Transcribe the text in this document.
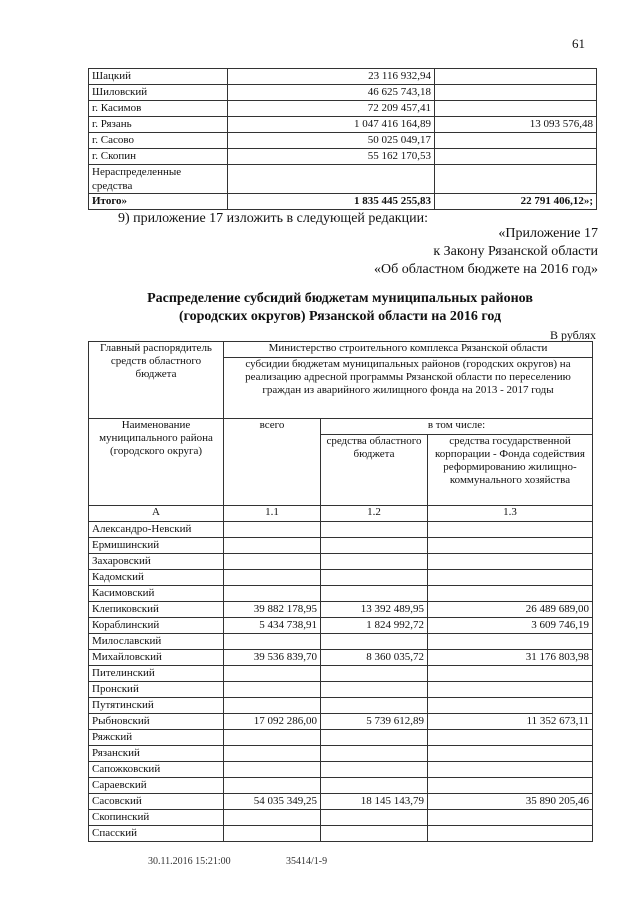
61
Шацкий	23 116 932,94	
Шиловский	46 625 743,18	
г. Касимов	72 209 457,41	
г. Рязань	1 047 416 164,89	13 093 576,48
г. Сасово	50 025 049,17	
г. Скопин	55 162 170,53	
Нераспределенные средства		
Итого»	1 835 445 255,83	22 791 406,12»;
9) приложение 17 изложить в следующей редакции:
«Приложение 17
к Закону Рязанской области
«Об областном бюджете на 2016 год»
Распределение субсидий бюджетам муниципальных районов
(городских округов) Рязанской области на 2016 год
В рублях
Главный распорядитель средств областного бюджета	Министерство строительного комплекса Рязанской области		
	субсидии бюджетам муниципальных районов (городских округов) на реализацию адресной программы Рязанской области по переселению граждан из аварийного жилищного фонда на 2013 - 2017 годы		
Наименование муниципального района (городского округа)	всего	в том числе:	
		средства областного бюджета	средства государственной корпорации - Фонда содействия реформированию жилищно-коммунального хозяйства
А	1.1	1.2	1.3
Александро-Невский			
Ермишинский			
Захаровский			
Кадомский			
Касимовский			
Клепиковский	39 882 178,95	13 392 489,95	26 489 689,00
Кораблинский	5 434 738,91	1 824 992,72	3 609 746,19
Милославский			
Михайловский	39 536 839,70	8 360 035,72	31 176 803,98
Пителинский			
Пронский			
Путятинский			
Рыбновский	17 092 286,00	5 739 612,89	11 352 673,11
Ряжский			
Рязанский			
Сапожковский			
Сараевский			
Сасовский	54 035 349,25	18 145 143,79	35 890 205,46
Скопинский			
Спасский			
30.11.2016 15:21:00	35414/1-9
